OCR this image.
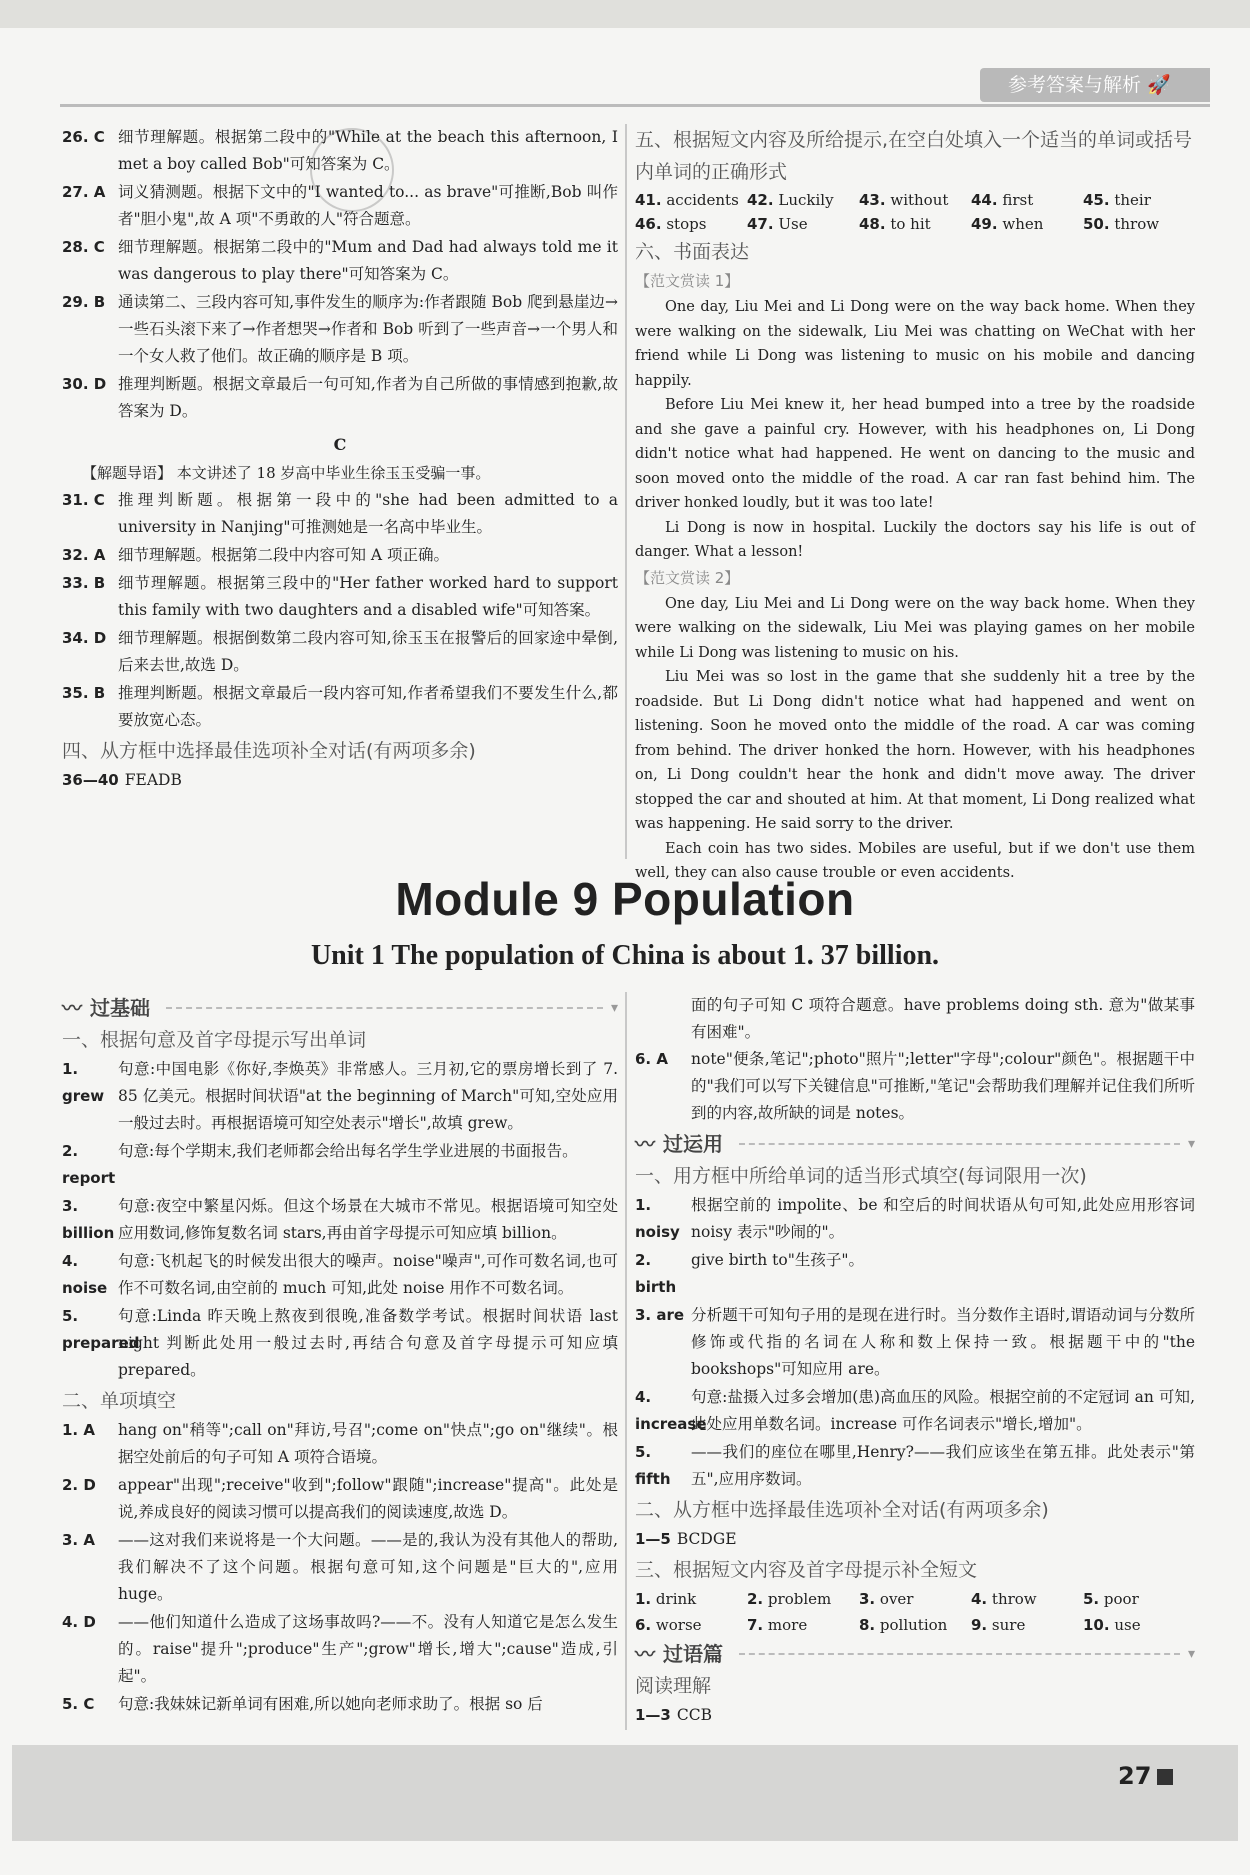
参考答案与解析 🚀
26. C 细节理解题。根据第二段中的"While at the beach this afternoon, I met a boy called Bob"可知答案为 C。
27. A 词义猜测题。根据下文中的"I wanted to... as brave"可推断,Bob 叫作者"胆小鬼",故 A 项"不勇敢的人"符合题意。
28. C 细节理解题。根据第二段中的"Mum and Dad had always told me it was dangerous to play there"可知答案为 C。
29. B 通读第二、三段内容可知,事件发生的顺序为:作者跟随 Bob 爬到悬崖边→一些石头滚下来了→作者想哭→作者和 Bob 听到了一些声音→一个男人和一个女人救了他们。故正确的顺序是 B 项。
30. D 推理判断题。根据文章最后一句可知,作者为自己所做的事情感到抱歉,故答案为 D。
C
【解题导语】 本文讲述了 18 岁高中毕业生徐玉玉受骗一事。
31. C 推理判断题。根据第一段中的"she had been admitted to a university in Nanjing"可推测她是一名高中毕业生。
32. A 细节理解题。根据第二段中内容可知 A 项正确。
33. B 细节理解题。根据第三段中的"Her father worked hard to support this family with two daughters and a disabled wife"可知答案。
34. D 细节理解题。根据倒数第二段内容可知,徐玉玉在报警后的回家途中晕倒,后来去世,故选 D。
35. B 推理判断题。根据文章最后一段内容可知,作者希望我们不要发生什么,都要放宽心态。
四、从方框中选择最佳选项补全对话(有两项多余)
36—40 FEADB
五、根据短文内容及所给提示,在空白处填入一个适当的单词或括号内单词的正确形式
41. accidents 42. Luckily	43. without	44. first	45. their
46. stops	47. Use	48. to hit	49. when	50. throw
六、书面表达
【范文赏读 1】
One day, Liu Mei and Li Dong were on the way back home. When they were walking on the sidewalk, Liu Mei was chatting on WeChat with her friend while Li Dong was listening to music on his mobile and dancing happily.
Before Liu Mei knew it, her head bumped into a tree by the roadside and she gave a painful cry. However, with his headphones on, Li Dong didn't notice what had happened. He went on dancing to the music and soon moved onto the middle of the road. A car ran fast behind him. The driver honked loudly, but it was too late!
Li Dong is now in hospital. Luckily the doctors say his life is out of danger. What a lesson!
【范文赏读 2】
One day, Liu Mei and Li Dong were on the way back home. When they were walking on the sidewalk, Liu Mei was playing games on her mobile while Li Dong was listening to music on his.
Liu Mei was so lost in the game that she suddenly hit a tree by the roadside. But Li Dong didn't notice what had happened and went on listening. Soon he moved onto the middle of the road. A car was coming from behind. The driver honked the horn. However, with his headphones on, Li Dong couldn't hear the honk and didn't move away. The driver stopped the car and shouted at him. At that moment, Li Dong realized what was happening. He said sorry to the driver.
Each coin has two sides. Mobiles are useful, but if we don't use them well, they can also cause trouble or even accidents.
Module 9 Population
Unit 1 The population of China is about 1. 37 billion.
〰 过基础	▾
一、根据句意及首字母提示写出单词
1. grew
句意:中国电影《你好,李焕英》非常感人。三月初,它的票房增长到了 7. 85 亿美元。根据时间状语"at the beginning of March"可知,空处应用一般过去时。再根据语境可知空处表示"增长",故填 grew。
2. report
句意:每个学期末,我们老师都会给出每名学生学业进展的书面报告。
3. billion
句意:夜空中繁星闪烁。但这个场景在大城市不常见。根据语境可知空处应用数词,修饰复数名词 stars,再由首字母提示可知应填 billion。
4. noise
句意:飞机起飞的时候发出很大的噪声。noise"噪声",可作可数名词,也可作不可数名词,由空前的 much 可知,此处 noise 用作不可数名词。
5. prepared
句意:Linda 昨天晚上熬夜到很晚,准备数学考试。根据时间状语 last night 判断此处用一般过去时,再结合句意及首字母提示可知应填 prepared。
二、单项填空
1. A	hang on"稍等";call on"拜访,号召";come on"快点";go on"继续"。根据空处前后的句子可知 A 项符合语境。
2. D	appear"出现";receive"收到";follow"跟随";increase"提高"。此处是说,养成良好的阅读习惯可以提高我们的阅读速度,故选 D。
3. A	——这对我们来说将是一个大问题。——是的,我认为没有其他人的帮助,我们解决不了这个问题。根据句意可知,这个问题是"巨大的",应用 huge。
4. D	——他们知道什么造成了这场事故吗?——不。没有人知道它是怎么发生的。raise"提升";produce"生产";grow"增长,增大";cause"造成,引起"。
5. C	句意:我妹妹记新单词有困难,所以她向老师求助了。根据 so 后
面的句子可知 C 项符合题意。have problems doing sth. 意为"做某事有困难"。
6. A	note"便条,笔记";photo"照片";letter"字母";colour"颜色"。根据题干中的"我们可以写下关键信息"可推断,"笔记"会帮助我们理解并记住我们所听到的内容,故所缺的词是 notes。
〰 过运用	▾
一、用方框中所给单词的适当形式填空(每词限用一次)
1. noisy
根据空前的 impolite、be 和空后的时间状语从句可知,此处应用形容词 noisy 表示"吵闹的"。
2. birth
give birth to"生孩子"。
3. are 分析题干可知句子用的是现在进行时。当分数作主语时,谓语动词与分数所修饰或代指的名词在人称和数上保持一致。根据题干中的"the bookshops"可知应用 are。
4. increase
句意:盐摄入过多会增加(患)高血压的风险。根据空前的不定冠词 an 可知,此处应用单数名词。increase 可作名词表示"增长,增加"。
5. fifth
——我们的座位在哪里,Henry?——我们应该坐在第五排。此处表示"第五",应用序数词。
二、从方框中选择最佳选项补全对话(有两项多余)
1—5 BCDGE
三、根据短文内容及首字母提示补全短文
1. drink	2. problem	3. over	4. throw	5. poor
6. worse	7. more	8. pollution	9. sure	10. use
〰 过语篇	▾
阅读理解
1—3 CCB
27
